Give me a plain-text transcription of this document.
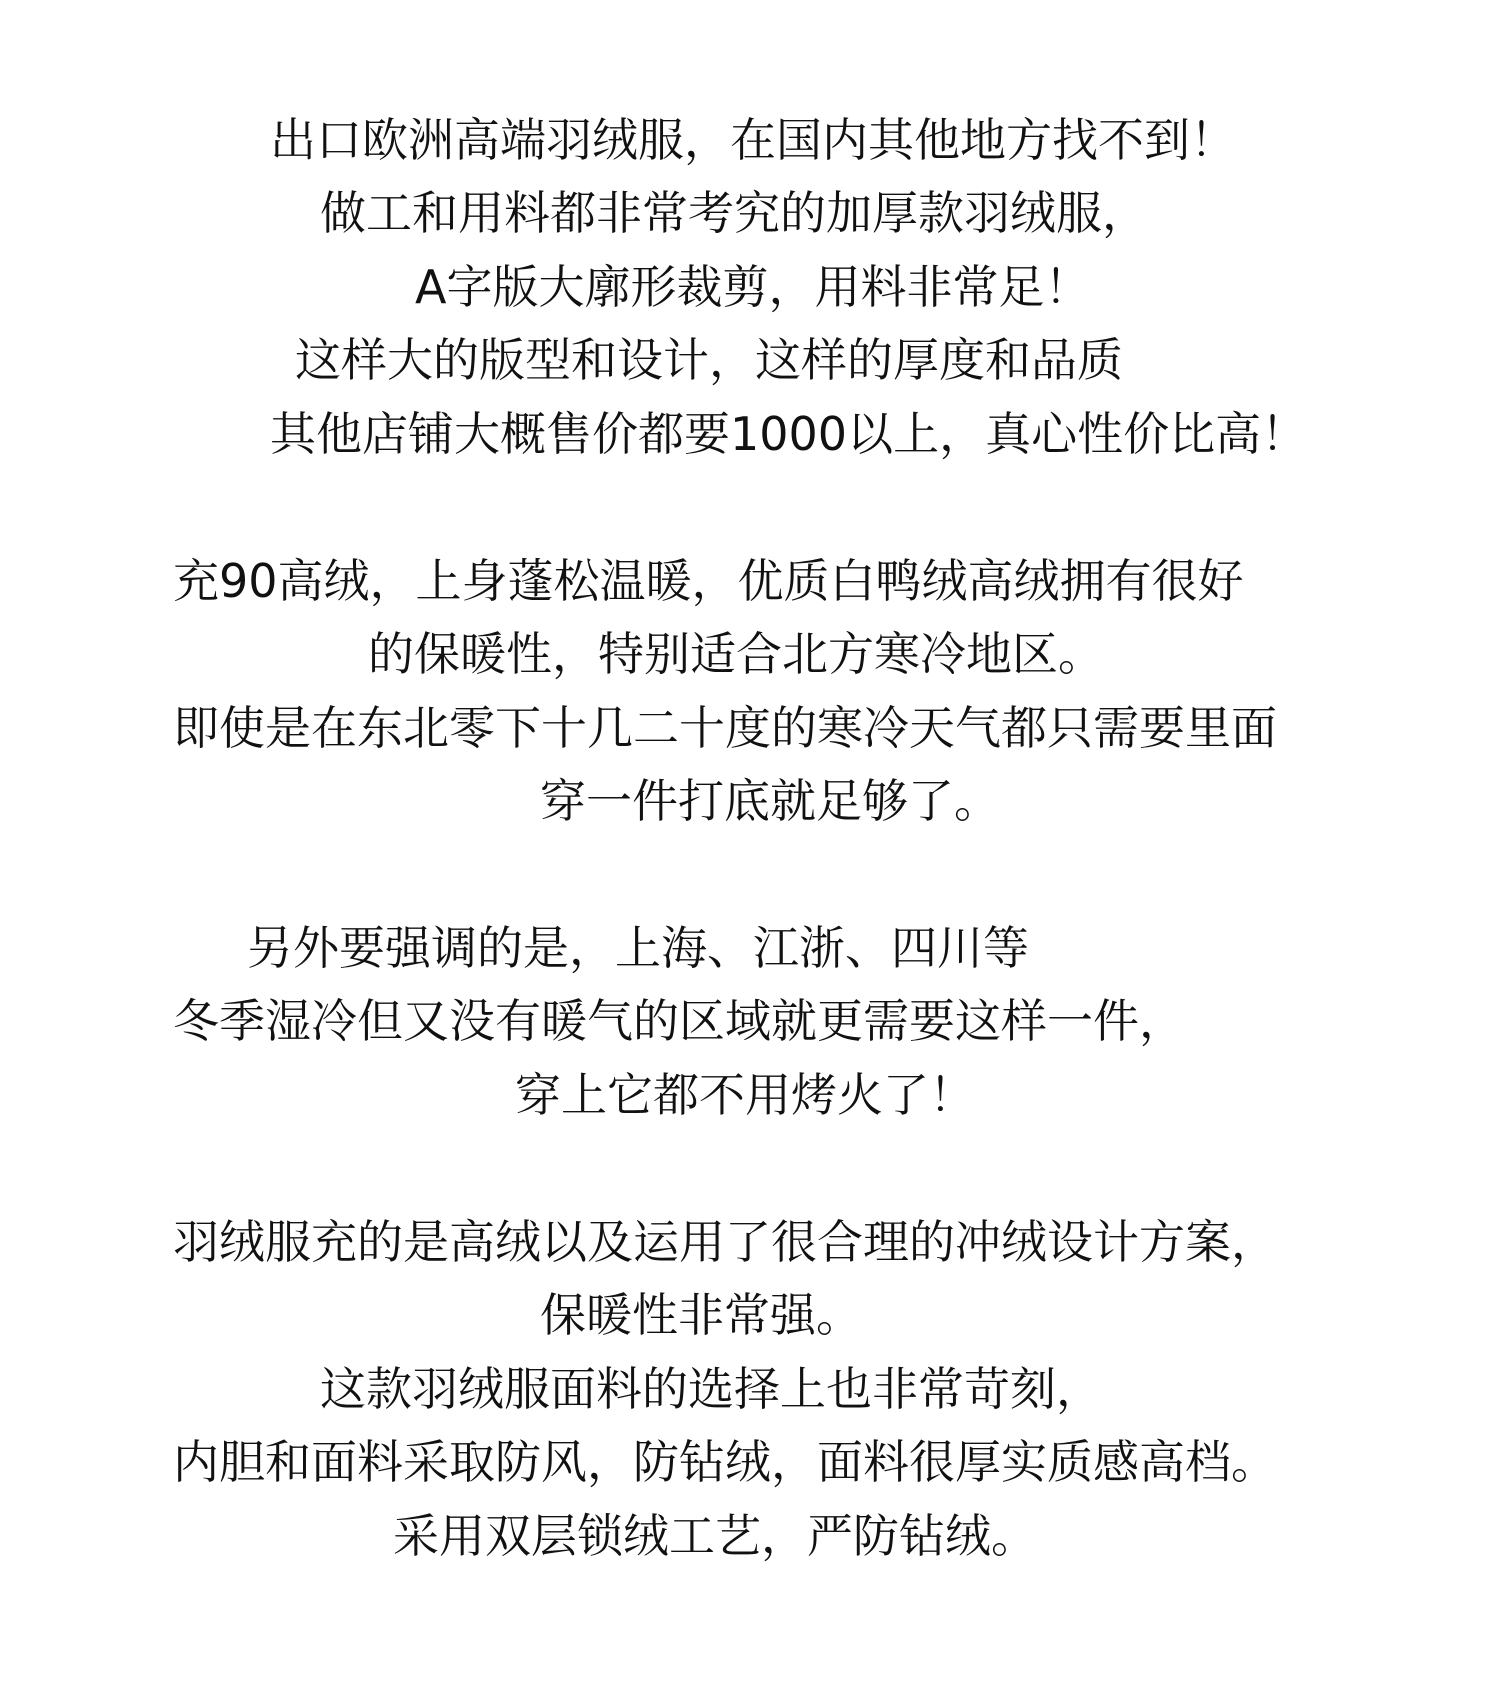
出口欧洲高端羽绒服，在国内其他地方找不到！
做工和用料都非常考究的加厚款羽绒服，
A字版大廓形裁剪，用料非常足！
这样大的版型和设计，这样的厚度和品质
其他店铺大概售价都要1000以上，真心性价比高！
充90高绒，上身蓬松温暖，优质白鸭绒高绒拥有很好
的保暖性，特别适合北方寒冷地区。
即使是在东北零下十几二十度的寒冷天气都只需要里面
穿一件打底就足够了。
另外要强调的是，上海、江浙、四川等
冬季湿冷但又没有暖气的区域就更需要这样一件，
穿上它都不用烤火了！
羽绒服充的是高绒以及运用了很合理的冲绒设计方案，
保暖性非常强。
这款羽绒服面料的选择上也非常苛刻，
内胆和面料采取防风，防钻绒，面料很厚实质感高档。
采用双层锁绒工艺，严防钻绒。
